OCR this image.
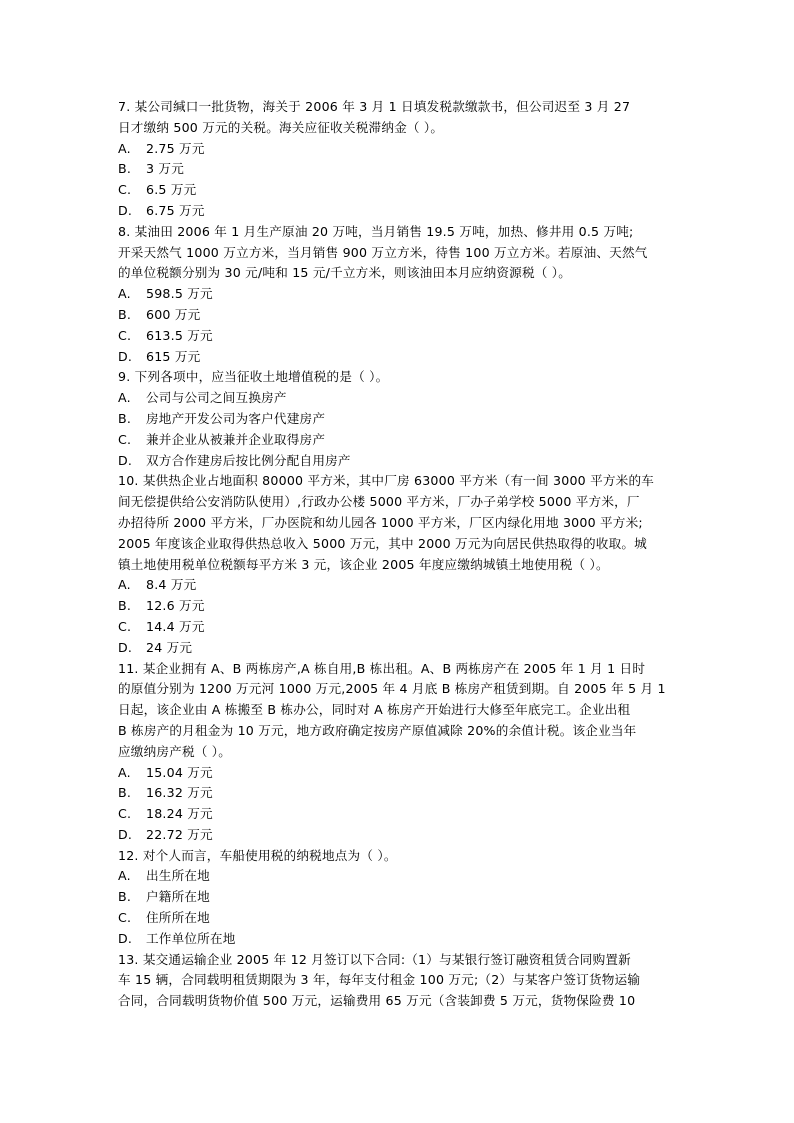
7. 某公司缄口一批货物，海关于 2006 年 3 月 1 日填发税款缴款书，但公司迟至 3 月 27
日才缴纳 500 万元的关税。海关应征收关税滞纳金（ ）。
A. 2.75 万元
B. 3 万元
C. 6.5 万元
D. 6.75 万元
8. 某油田 2006 年 1 月生产原油 20 万吨，当月销售 19.5 万吨，加热、修井用 0.5 万吨;
开采天然气 1000 万立方米，当月销售 900 万立方米，待售 100 万立方米。若原油、天然气
的单位税额分别为 30 元/吨和 15 元/千立方米，则该油田本月应纳资源税（ ）。
A. 598.5 万元
B. 600 万元
C. 613.5 万元
D. 615 万元
9. 下列各项中，应当征收土地增值税的是（ ）。
A. 公司与公司之间互换房产
B. 房地产开发公司为客户代建房产
C. 兼并企业从被兼并企业取得房产
D. 双方合作建房后按比例分配自用房产
10. 某供热企业占地面积 80000 平方米，其中厂房 63000 平方米（有一间 3000 平方米的车
间无偿提供给公安消防队使用）,行政办公楼 5000 平方米，厂办子弟学校 5000 平方米，厂
办招待所 2000 平方米，厂办医院和幼儿园各 1000 平方米，厂区内绿化用地 3000 平方米;
2005 年度该企业取得供热总收入 5000 万元，其中 2000 万元为向居民供热取得的收取。城
镇土地使用税单位税额每平方米 3 元，该企业 2005 年度应缴纳城镇土地使用税（ ）。
A. 8.4 万元
B. 12.6 万元
C. 14.4 万元
D. 24 万元
11. 某企业拥有 A、B 两栋房产,A 栋自用,B 栋出租。A、B 两栋房产在 2005 年 1 月 1 日时
的原值分别为 1200 万元河 1000 万元,2005 年 4 月底 B 栋房产租赁到期。自 2005 年 5 月 1
日起，该企业由 A 栋搬至 B 栋办公，同时对 A 栋房产开始进行大修至年底完工。企业出租
B 栋房产的月租金为 10 万元，地方政府确定按房产原值减除 20%的余值计税。该企业当年
应缴纳房产税（ ）。
A. 15.04 万元
B. 16.32 万元
C. 18.24 万元
D. 22.72 万元
12. 对个人而言，车船使用税的纳税地点为（ ）。
A. 出生所在地
B. 户籍所在地
C. 住所所在地
D. 工作单位所在地
13. 某交通运输企业 2005 年 12 月签订以下合同:（1）与某银行签订融资租赁合同购置新
车 15 辆，合同载明租赁期限为 3 年，每年支付租金 100 万元;（2）与某客户签订货物运输
合同，合同载明货物价值 500 万元，运输费用 65 万元（含装卸费 5 万元，货物保险费 10
